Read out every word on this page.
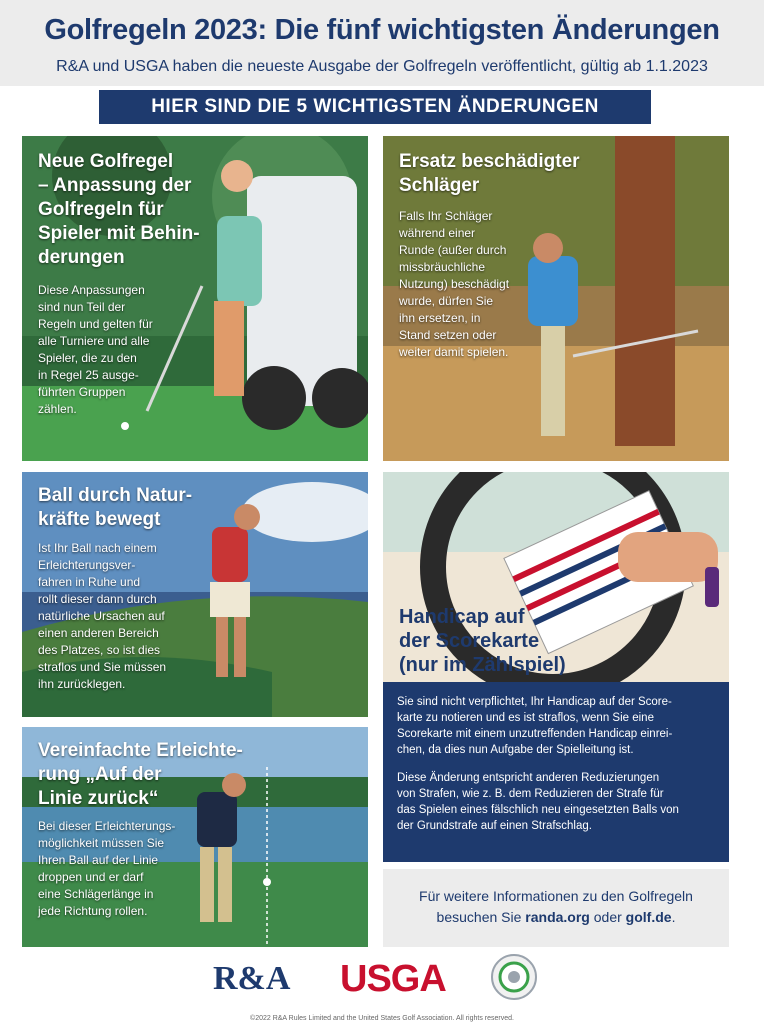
Golfregeln 2023: Die fünf wichtigsten Änderungen
R&A und USGA haben die neueste Ausgabe der Golfregeln veröffentlicht, gültig ab 1.1.2023
HIER SIND DIE 5 WICHTIGSTEN ÄNDERUNGEN
Neue Golfregel
– Anpassung der
Golfregeln für
Spieler mit Behin-
derungen
Diese Anpassungen
sind nun Teil der
Regeln und gelten für
alle Turniere und alle
Spieler, die zu den
in Regel 25 ausge-
führten Gruppen
zählen.
Ersatz beschädigter
Schläger
Falls Ihr Schläger
während einer
Runde (außer durch
missbräuchliche
Nutzung) beschädigt
wurde, dürfen Sie
ihn ersetzen, in
Stand setzen oder
weiter damit spielen.
Ball durch Natur-
kräfte bewegt
Ist Ihr Ball nach einem
Erleichterungsver-
fahren in Ruhe und
rollt dieser dann durch
natürliche Ursachen auf
einen anderen Bereich
des Platzes, so ist dies
straflos und Sie müssen
ihn zurücklegen.
Vereinfachte Erleichte-
rung „Auf der
Linie zurück“
Bei dieser Erleichterungs-
möglichkeit müssen Sie
Ihren Ball auf der Linie
droppen und er darf
eine Schlägerlänge in
jede Richtung rollen.
Handicap auf
der Scorekarte
(nur im Zählspiel)
Sie sind nicht verpflichtet, Ihr Handicap auf der Score-
karte zu notieren und es ist straflos, wenn Sie eine
Scorekarte mit einem unzutreffenden Handicap einrei-
chen, da dies nun Aufgabe der Spielleitung ist.
Diese Änderung entspricht anderen Reduzierungen
von Strafen, wie z. B. dem Reduzieren der Strafe für
das Spielen eines fälschlich neu eingesetzten Balls von
der Grundstrafe auf einen Strafschlag.
Für weitere Informationen zu den Golfregeln
besuchen Sie randa.org oder golf.de.
R&A USGA
©2022 R&A Rules Limited and the United States Golf Association. All rights reserved.
